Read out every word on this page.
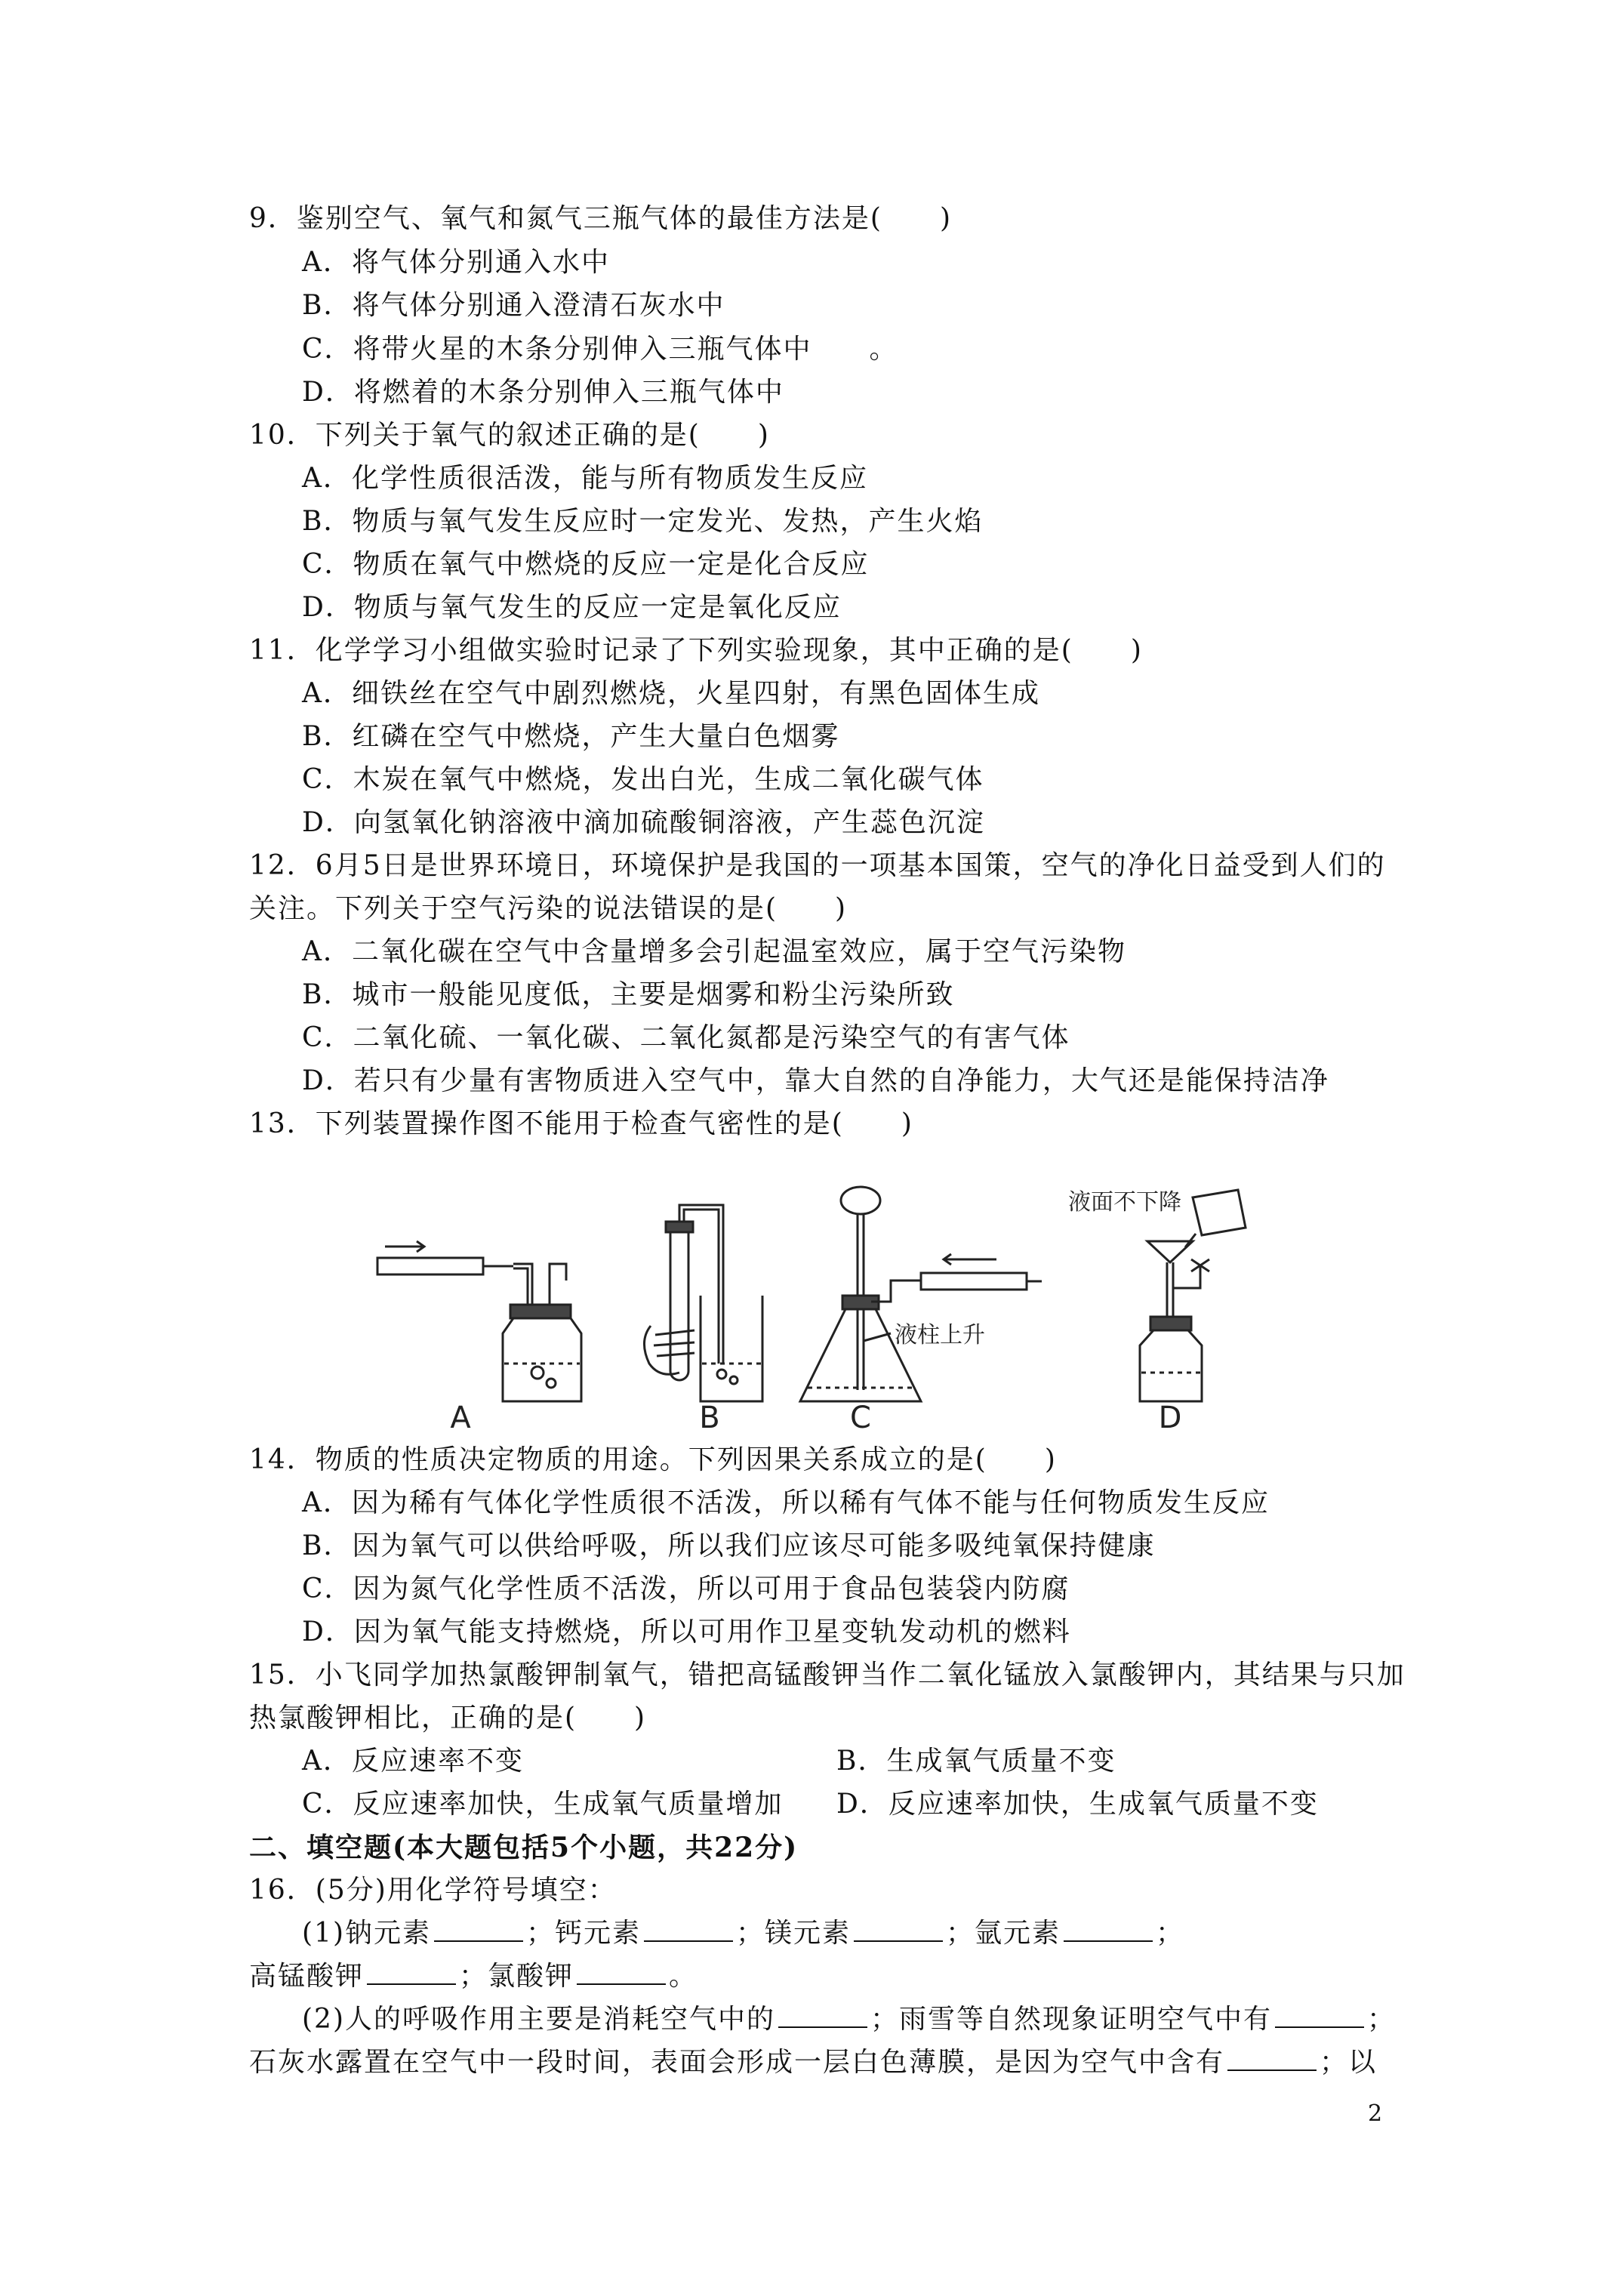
9．鉴别空气、氧气和氮气三瓶气体的最佳方法是(　　)
A．将气体分别通入水中
B．将气体分别通入澄清石灰水中
C．将带火星的木条分别伸入三瓶气体中　　。
D．将燃着的木条分别伸入三瓶气体中
10．下列关于氧气的叙述正确的是(　　)
A．化学性质很活泼，能与所有物质发生反应
B．物质与氧气发生反应时一定发光、发热，产生火焰
C．物质在氧气中燃烧的反应一定是化合反应
D．物质与氧气发生的反应一定是氧化反应
11．化学学习小组做实验时记录了下列实验现象，其中正确的是(　　)
A．细铁丝在空气中剧烈燃烧，火星四射，有黑色固体生成
B．红磷在空气中燃烧，产生大量白色烟雾
C．木炭在氧气中燃烧，发出白光，生成二氧化碳气体
D．向氢氧化钠溶液中滴加硫酸铜溶液，产生蕊色沉淀
12．6月5日是世界环境日，环境保护是我国的一项基本国策，空气的净化日益受到人们的
关注。下列关于空气污染的说法错误的是(　　)
A．二氧化碳在空气中含量增多会引起温室效应，属于空气污染物
B．城市一般能见度低，主要是烟雾和粉尘污染所致
C．二氧化硫、一氧化碳、二氧化氮都是污染空气的有害气体
D．若只有少量有害物质进入空气中，靠大自然的自净能力，大气还是能保持洁净
13．下列装置操作图不能用于检查气密性的是(　　)
A	B	C	D
液柱上升
液面不下降
14．物质的性质决定物质的用途。下列因果关系成立的是(　　)
A．因为稀有气体化学性质很不活泼，所以稀有气体不能与任何物质发生反应
B．因为氧气可以供给呼吸，所以我们应该尽可能多吸纯氧保持健康
C．因为氮气化学性质不活泼，所以可用于食品包装袋内防腐
D．因为氧气能支持燃烧，所以可用作卫星变轨发动机的燃料
15．小飞同学加热氯酸钾制氧气，错把高锰酸钾当作二氧化锰放入氯酸钾内，其结果与只加
热氯酸钾相比，正确的是(　　)
A．反应速率不变	B．生成氧气质量不变
C．反应速率加快，生成氧气质量增加 D．反应速率加快，生成氧气质量不变
二、填空题(本大题包括5个小题，共22分)
16．(5分)用化学符号填空：
(1)钠元素	；钙元素	；镁元素	；氩元素	；
高锰酸钾	；氯酸钾	。
(2)人的呼吸作用主要是消耗空气中的	；雨雪等自然现象证明空气中有	；
石灰水露置在空气中一段时间，表面会形成一层白色薄膜，是因为空气中含有	；以
2
